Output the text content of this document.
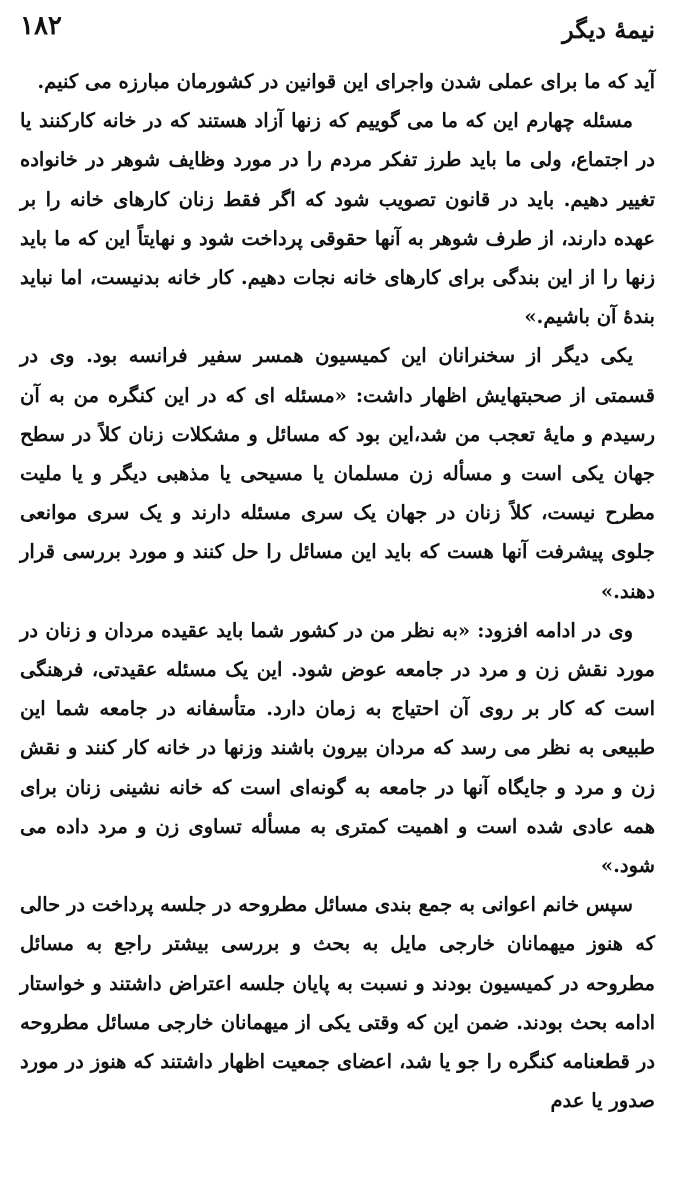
نیمهٔ دیگر
۱۸۲

آید که ما برای عملی شدن واجرای این قوانین در کشورمان مبارزه می کنیم.

مسئله چهارم این که ما می گوییم که زنها آزاد هستند که در خانه کارکنند یا در اجتماع، ولی ما باید طرز تفکر مردم را در مورد وظایف شوهر در خانواده تغییر دهیم. باید در قانون تصویب شود که اگر فقط زنان کارهای خانه را بر عهده دارند، از طرف شوهر به آنها حقوقی پرداخت شود و نهایتاً این که ما باید زنها را از این بندگی برای کارهای خانه نجات دهیم. کار خانه بدنیست، اما نباید بندهٔ آن باشیم.»

یکی دیگر از سخنرانان این کمیسیون همسر سفیر فرانسه بود. وی در قسمتی از صحبتهایش اظهار داشت: «مسئله ای که در این کنگره من به آن رسیدم و مایهٔ تعجب من شد،این بود که مسائل و مشکلات زنان کلاً در سطح جهان یکی است و مسأله زن مسلمان یا مسیحی یا مذهبی دیگر و یا ملیت مطرح نیست، کلاً زنان در جهان یک سری مسئله دارند و یک سری موانعی جلوی پیشرفت آنها هست که باید این مسائل را حل کنند و مورد بررسی قرار دهند.»

وی در ادامه افزود: «به نظر من در کشور شما باید عقیده مردان و زنان در مورد نقش زن و مرد در جامعه عوض شود. این یک مسئله عقیدتی، فرهنگی است که کار بر روی آن احتیاج به زمان دارد. متأسفانه در جامعه شما این طبیعی به نظر می رسد که مردان بیرون باشند وزنها در خانه کار کنند و نقش زن و مرد و جایگاه آنها در جامعه به گونه‌ای است که خانه نشینی زنان برای همه عادی شده است و اهمیت کمتری به مسأله تساوی زن و مرد داده می شود.»

سپس خانم اعوانی به جمع بندی مسائل مطروحه در جلسه پرداخت در حالی که هنوز میهمانان خارجی مایل به بحث و بررسی بیشتر راجع به مسائل مطروحه در کمیسیون بودند و نسبت به پایان جلسه اعتراض داشتند و خواستار ادامه بحث بودند. ضمن این که وقتی یکی از میهمانان خارجی مسائل مطروحه در قطعنامه کنگره را جو یا شد، اعضای جمعیت اظهار داشتند که هنوز در مورد صدور یا عدم
